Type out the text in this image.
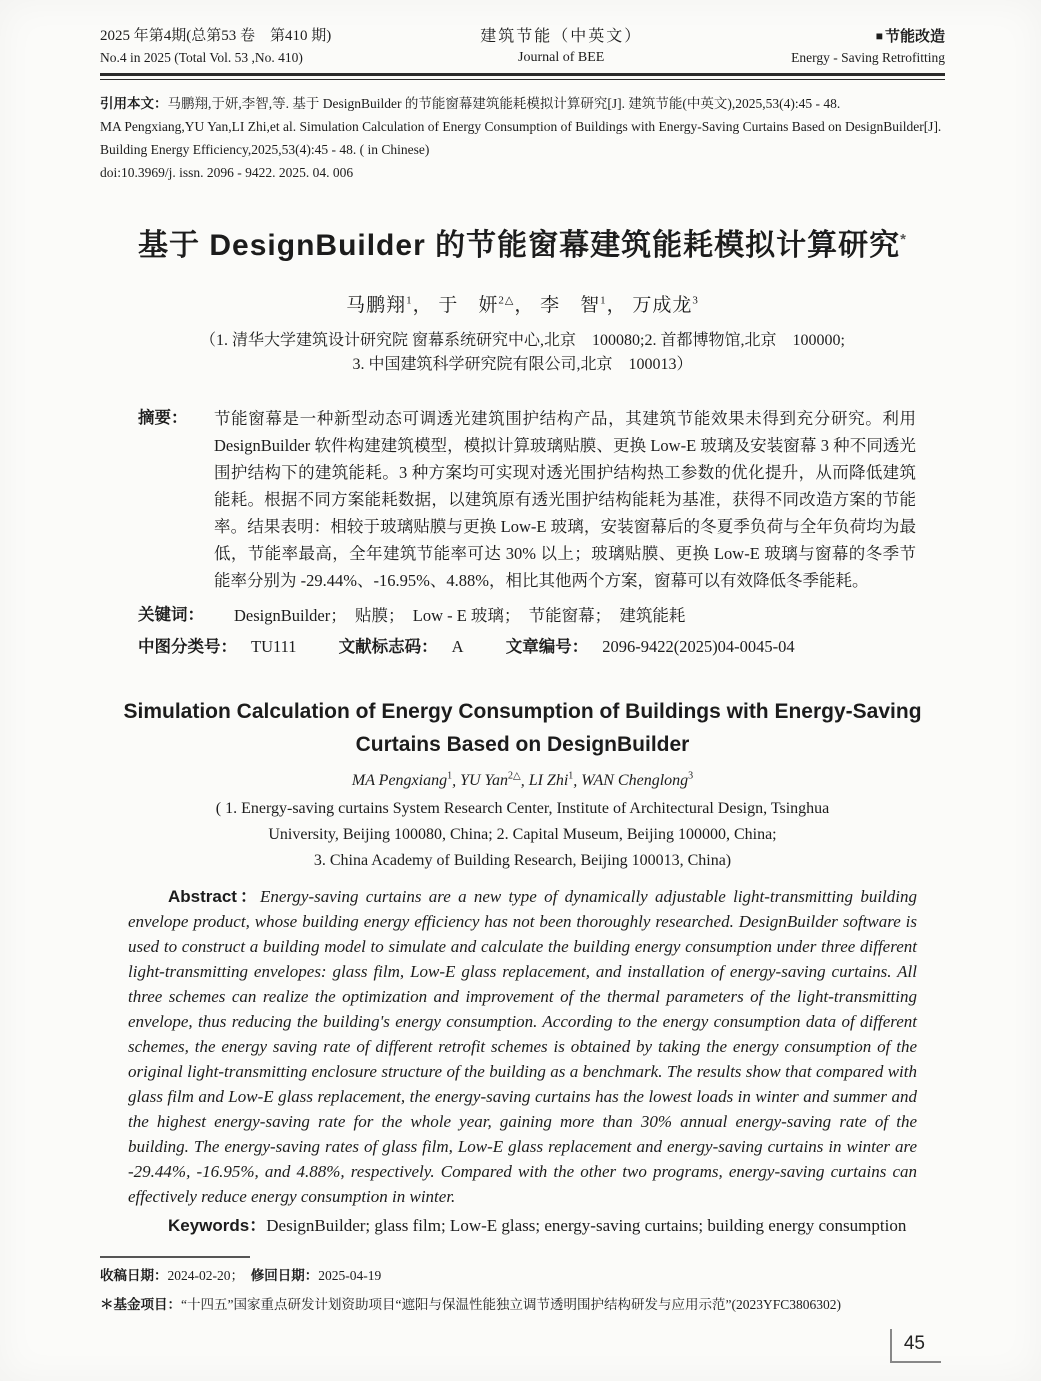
2025 年第4期(总第53 卷　第410 期)
No.4 in 2025 (Total Vol. 53 ,No. 410)
建筑节能（中英文）
Journal of BEE
■ 节能改造
Energy - Saving Retrofitting
引用本文：马鹏翔,于妍,李智,等. 基于 DesignBuilder 的节能窗幕建筑能耗模拟计算研究[J]. 建筑节能(中英文),2025,53(4):45 - 48.
MA Pengxiang,YU Yan,LI Zhi,et al. Simulation Calculation of Energy Consumption of Buildings with Energy-Saving Curtains Based on DesignBuilder[J].
Building Energy Efficiency,2025,53(4):45 - 48. ( in Chinese)
doi:10.3969/j. issn. 2096 - 9422. 2025. 04. 006
基于 DesignBuilder 的节能窗幕建筑能耗模拟计算研究*
马鹏翔$^1$， 于　妍$^{2\triangle}$， 李　智$^1$， 万成龙$^3$
（1. 清华大学建筑设计研究院 窗幕系统研究中心,北京　100080;2. 首都博物馆,北京　100000;
3. 中国建筑科学研究院有限公司,北京　100013）
摘要：	节能窗幕是一种新型动态可调透光建筑围护结构产品，其建筑节能效果未得到充分研究。利用 DesignBuilder 软件构建建筑模型，模拟计算玻璃贴膜、更换 Low-E 玻璃及安装窗幕 3 种不同透光围护结构下的建筑能耗。3 种方案均可实现对透光围护结构热工参数的优化提升，从而降低建筑能耗。根据不同方案能耗数据，以建筑原有透光围护结构能耗为基准，获得不同改造方案的节能率。结果表明：相较于玻璃贴膜与更换 Low-E 玻璃，安装窗幕后的冬夏季负荷与全年负荷均为最低，节能率最高，全年建筑节能率可达 30% 以上；玻璃贴膜、更换 Low-E 玻璃与窗幕的冬季节能率分别为 -29.44%、-16.95%、4.88%，相比其他两个方案，窗幕可以有效降低冬季能耗。

关键词：	DesignBuilder；　贴膜；　Low - E 玻璃；　节能窗幕；　建筑能耗
中图分类号： TU111	文献标志码： A	文章编号： 2096-9422(2025)04-0045-04
Simulation Calculation of Energy Consumption of Buildings with Energy-Saving
Curtains Based on DesignBuilder
MA Pengxiang$^1$, YU Yan$^{2\triangle}$, LI Zhi$^1$, WAN Chenglong$^3$
( 1. Energy-saving curtains System Research Center, Institute of Architectural Design, Tsinghua
University, Beijing 100080, China; 2. Capital Museum, Beijing 100000, China;
3. China Academy of Building Research, Beijing 100013, China)

Abstract：Energy-saving curtains are a new type of dynamically adjustable light-transmitting building envelope product, whose building energy efficiency has not been thoroughly researched. DesignBuilder software is used to construct a building model to simulate and calculate the building energy consumption under three different light-transmitting envelopes: glass film, Low-E glass replacement, and installation of energy-saving curtains. All three schemes can realize the optimization and improvement of the thermal parameters of the light-transmitting envelope, thus reducing the building's energy consumption. According to the energy consumption data of different schemes, the energy saving rate of different retrofit schemes is obtained by taking the energy consumption of the original light-transmitting enclosure structure of the building as a benchmark. The results show that compared with glass film and Low-E glass replacement, the energy-saving curtains has the lowest loads in winter and summer and the highest energy-saving rate for the whole year, gaining more than 30% annual energy-saving rate of the building. The energy-saving rates of glass film, Low-E glass replacement and energy-saving curtains in winter are -29.44%, -16.95%, and 4.88%, respectively. Compared with the other two programs, energy-saving curtains can effectively reduce energy consumption in winter.

Keywords：DesignBuilder; glass film; Low-E glass; energy-saving curtains; building energy consumption

收稿日期：2024-02-20；　 修回日期：2025-04-19

＊基金项目：“十四五”国家重点研发计划资助项目“遮阳与保温性能独立调节透明围护结构研发与应用示范”(2023YFC3806302)

45
